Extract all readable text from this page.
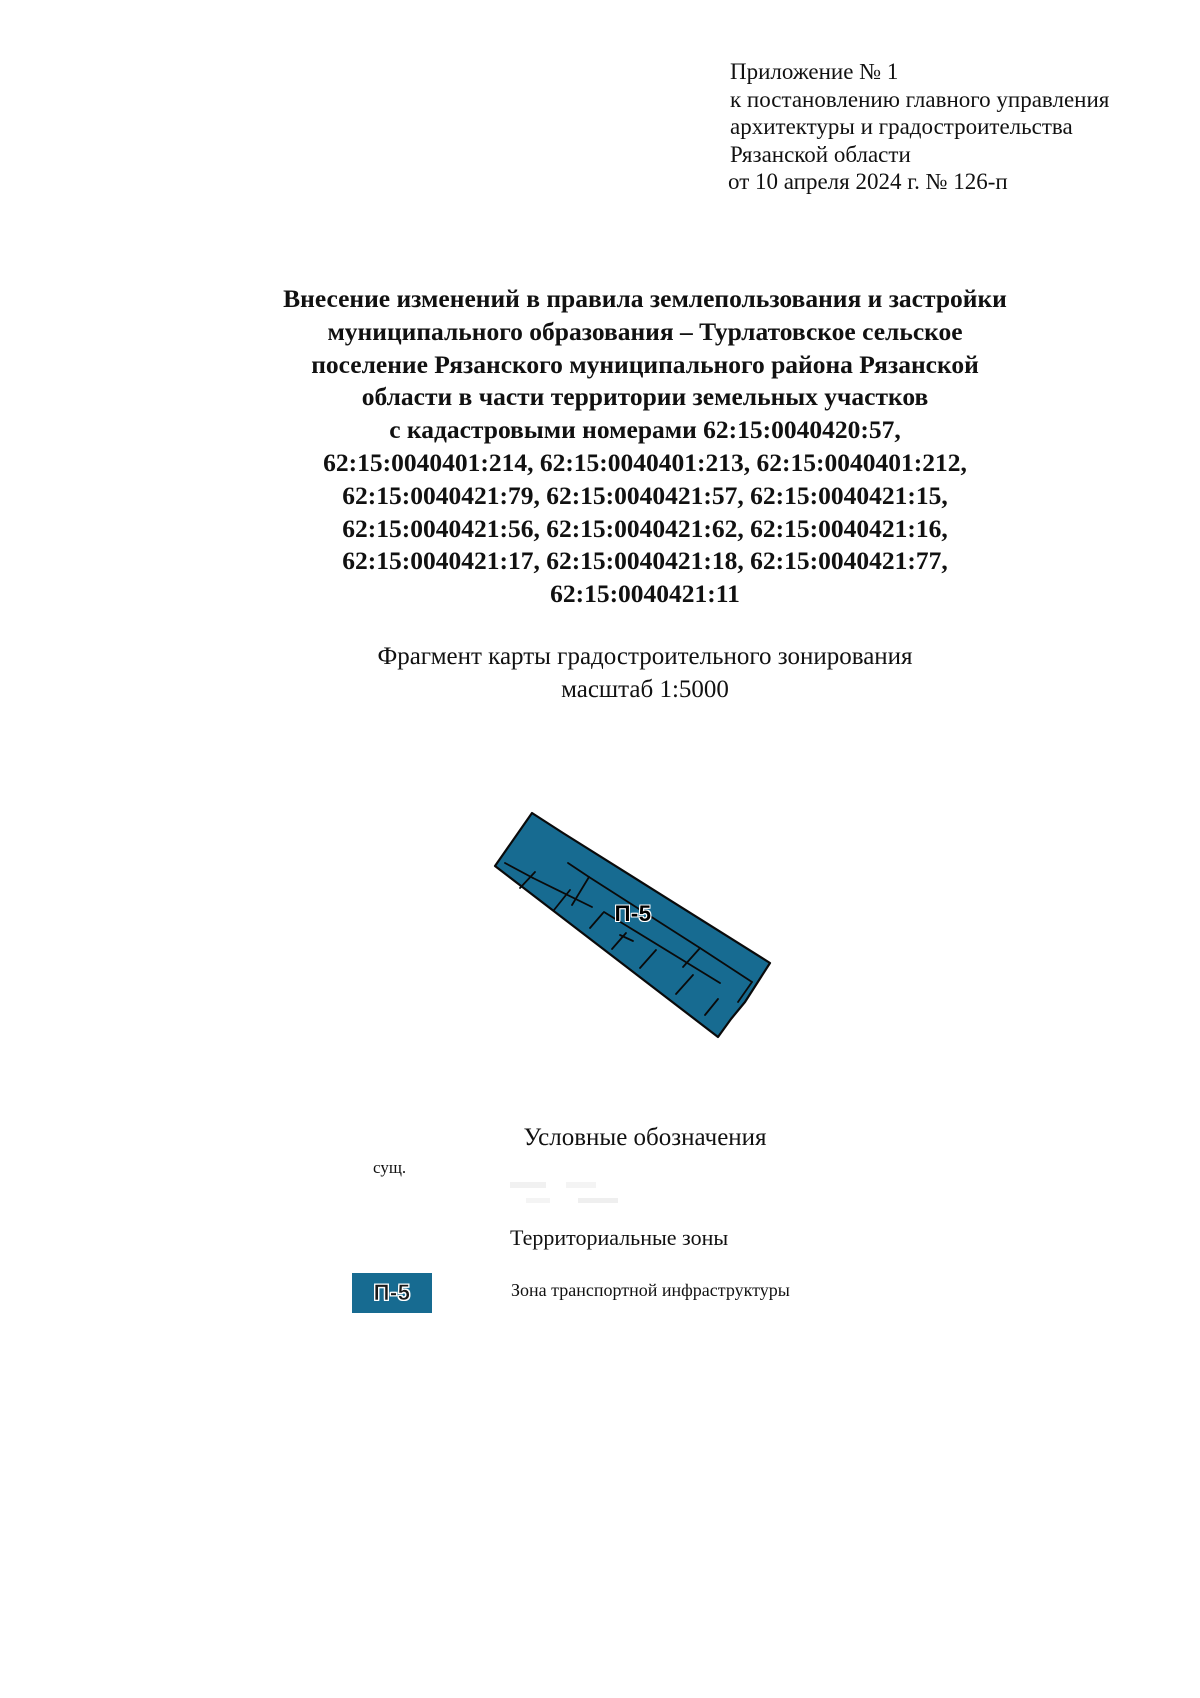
Приложение № 1
к постановлению главного управления
архитектуры и градостроительства
Рязанской области
от 10 апреля 2024 г. № 126-п
Внесение изменений в правила землепользования и застройки
муниципального образования – Турлатовское сельское
поселение Рязанского муниципального района Рязанской
области в части территории земельных участков
с кадастровыми номерами 62:15:0040420:57,
62:15:0040401:214, 62:15:0040401:213, 62:15:0040401:212,
62:15:0040421:79, 62:15:0040421:57, 62:15:0040421:15,
62:15:0040421:56, 62:15:0040421:62, 62:15:0040421:16,
62:15:0040421:17, 62:15:0040421:18, 62:15:0040421:77,
62:15:0040421:11
Фрагмент карты градостроительного зонирования
масштаб 1:5000
П-5
Условные обозначения
сущ.
Территориальные зоны
П-5	Зона транспортной инфраструктуры
